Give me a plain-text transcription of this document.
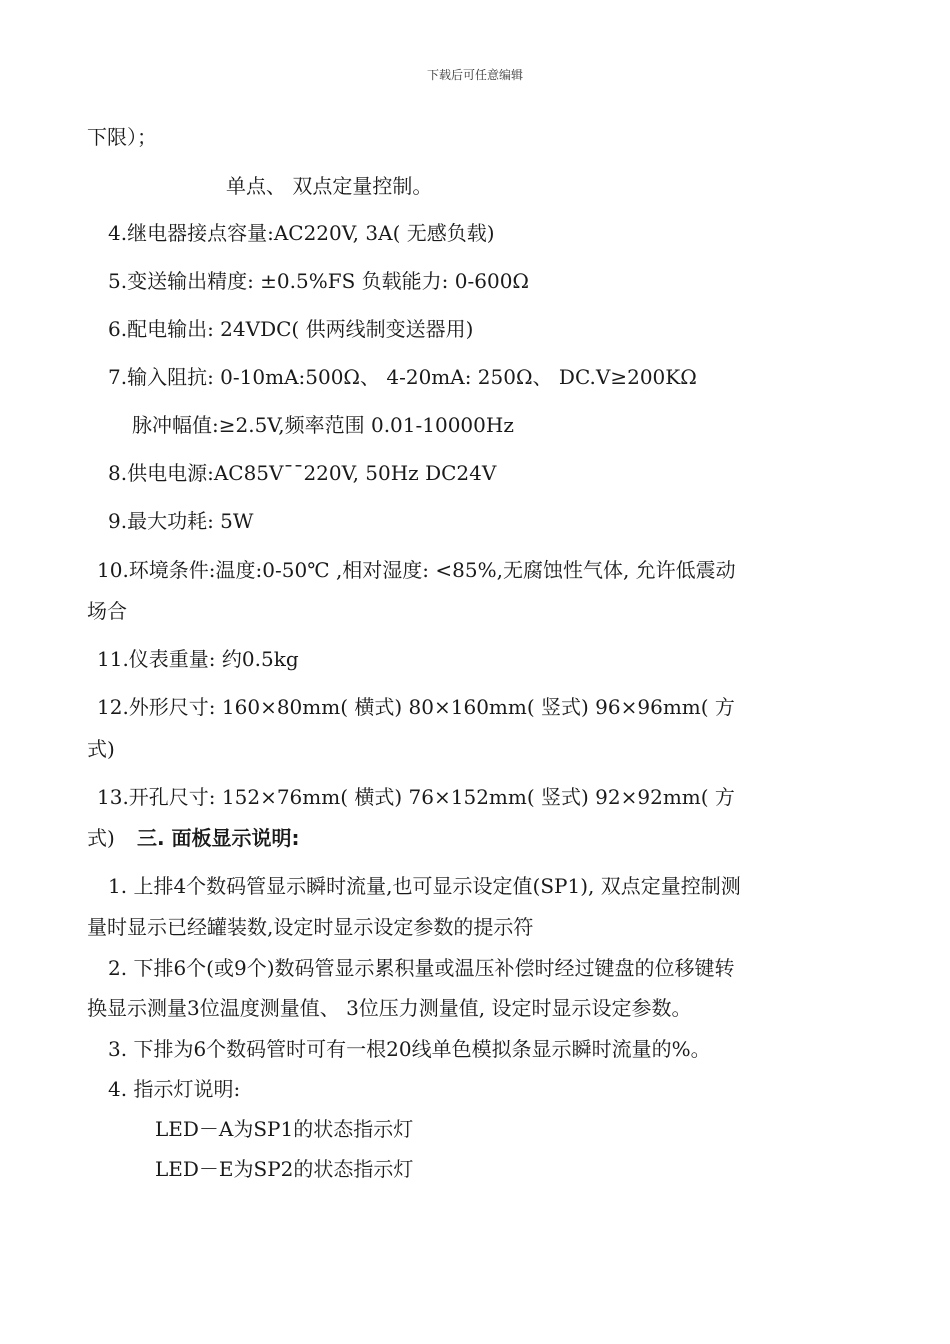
下载后可任意编辑
下限）；
单点、 双点定量控制。
4.继电器接点容量:AC220V, 3A( 无感负载)
5.变送输出精度: ±0.5%FS 负载能力: 0-600Ω
6.配电输出: 24VDC( 供两线制变送器用)
7.输入阻抗: 0-10mA:500Ω、 4-20mA: 250Ω、 DC.V≥200KΩ
脉冲幅值:≥2.5V,频率范围 0.01-10000Hz
8.供电电源:AC85V¯¯220V, 50Hz DC24V
9.最大功耗: 5W
10.环境条件:温度:0-50℃ ,相对湿度: <85%,无腐蚀性气体, 允许低震动
场合
11.仪表重量: 约0.5kg
12.外形尺寸: 160×80mm( 横式) 80×160mm( 竖式) 96×96mm( 方
式)
13.开孔尺寸: 152×76mm( 横式) 76×152mm( 竖式) 92×92mm( 方
式) 三. 面板显示说明:
1. 上排4个数码管显示瞬时流量,也可显示设定值(SP1), 双点定量控制测
量时显示已经罐装数,设定时显示设定参数的提示符
2. 下排6个(或9个)数码管显示累积量或温压补偿时经过键盘的位移键转
换显示测量3位温度测量值、 3位压力测量值, 设定时显示设定参数。
3. 下排为6个数码管时可有一根20线单色模拟条显示瞬时流量的%。
4. 指示灯说明:
LED－A为SP1的状态指示灯
LED－E为SP2的状态指示灯
